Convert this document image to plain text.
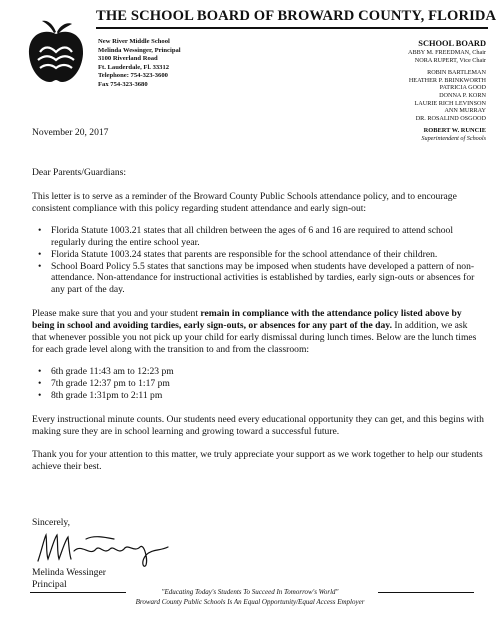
THE SCHOOL BOARD OF BROWARD COUNTY, FLORIDA
New River Middle School
Melinda Wessinger, Principal
3100 Riverland Road
Ft. Lauderdale, Fl. 33312
Telephone: 754-323-3600
Fax 754-323-3680
SCHOOL BOARD
ABBY M. FREEDMAN, Chair
NORA RUPERT, Vice Chair
ROBIN BARTLEMAN
HEATHER P. BRINKWORTH
PATRICIA GOOD
DONNA P. KORN
LAURIE RICH LEVINSON
ANN MURRAY
DR. ROSALIND OSGOOD
ROBERT W. RUNCIE
Superintendent of Schools
November 20, 2017
Dear Parents/Guardians:

This letter is to serve as a reminder of the Broward County Public Schools attendance policy, and to encourage consistent compliance with this policy regarding student attendance and early sign-out:

• Florida Statute 1003.21 states that all children between the ages of 6 and 16 are required to attend school regularly during the entire school year.
• Florida Statute 1003.24 states that parents are responsible for the school attendance of their children.
• School Board Policy 5.5 states that sanctions may be imposed when students have developed a pattern of non-attendance. Non-attendance for instructional activities is established by tardies, early sign-outs or absences for any part of the day.

Please make sure that you and your student remain in compliance with the attendance policy listed above by being in school and avoiding tardies, early sign-outs, or absences for any part of the day. In addition, we ask that whenever possible you not pick up your child for early dismissal during lunch times. Below are the lunch times for each grade level along with the transition to and from the classroom:

• 6th grade 11:43 am to 12:23 pm
• 7th grade 12:37 pm to 1:17 pm
• 8th grade 1:31pm to 2:11 pm

Every instructional minute counts. Our students need every educational opportunity they can get, and this begins with making sure they are in school learning and growing toward a successful future.

Thank you for your attention to this matter, we truly appreciate your support as we work together to help our students achieve their best.

Sincerely,
Melinda Wessinger
Principal
"Educating Today's Students To Succeed In Tomorrow's World"
Broward County Public Schools Is An Equal Opportunity/Equal Access Employer
